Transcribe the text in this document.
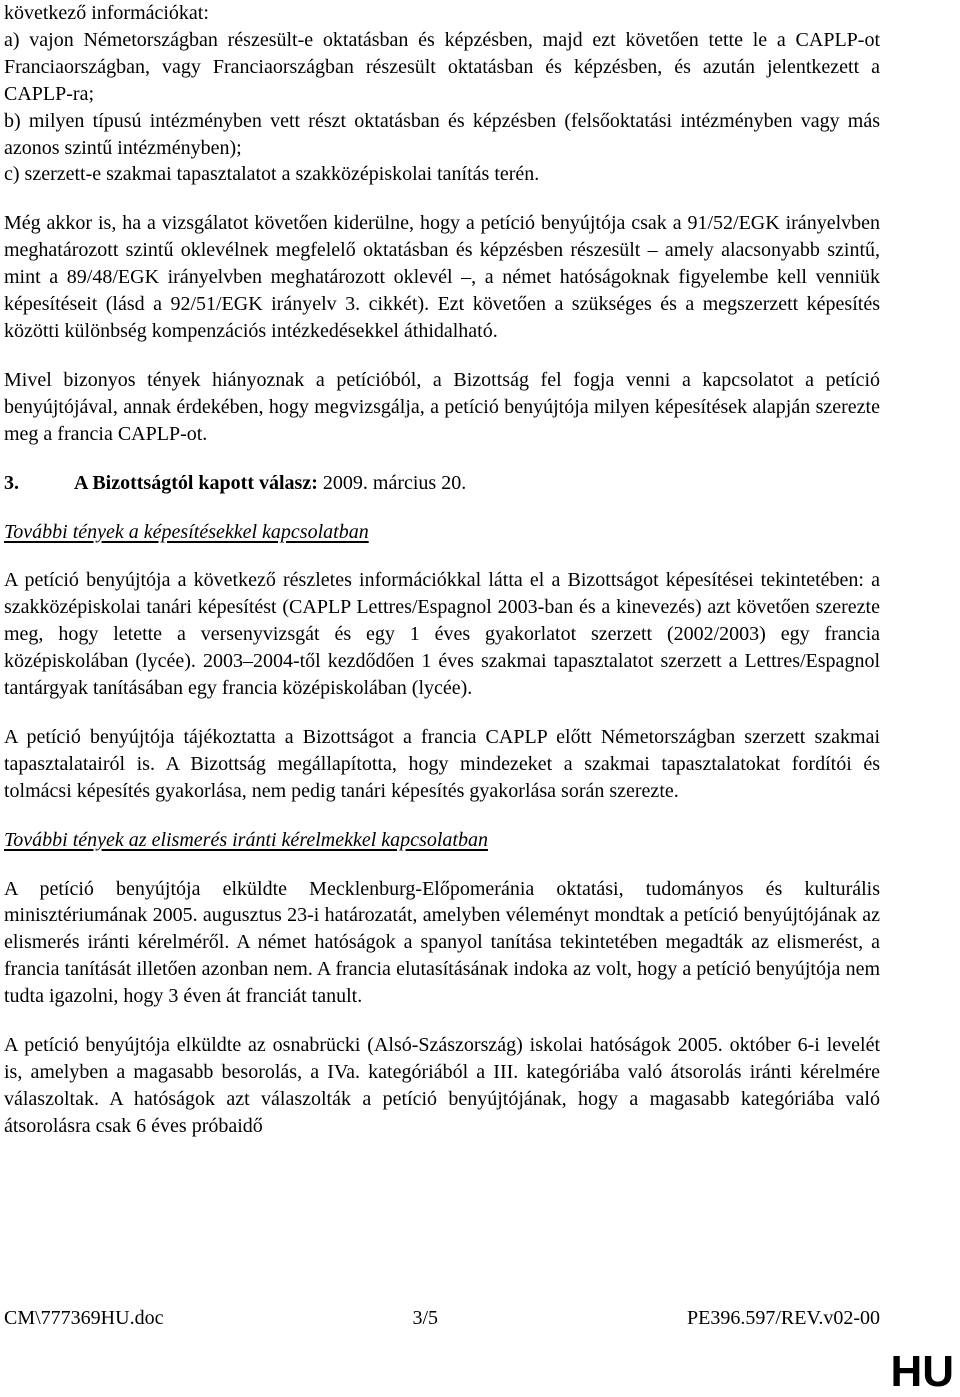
következő információkat:

a) vajon Németországban részesült-e oktatásban és képzésben, majd ezt követően tette le a CAPLP-ot Franciaországban, vagy Franciaországban részesült oktatásban és képzésben, és azután jelentkezett a CAPLP-ra;

b) milyen típusú intézményben vett részt oktatásban és képzésben (felsőoktatási intézményben vagy más azonos szintű intézményben);

c) szerzett-e szakmai tapasztalatot a szakközépiskolai tanítás terén.

Még akkor is, ha a vizsgálatot követően kiderülne, hogy a petíció benyújtója csak a 91/52/EGK irányelvben meghatározott szintű oklevélnek megfelelő oktatásban és képzésben részesült – amely alacsonyabb szintű, mint a 89/48/EGK irányelvben meghatározott oklevél –, a német hatóságoknak figyelembe kell venniük képesítéseit (lásd a 92/51/EGK irányelv 3. cikkét). Ezt követően a szükséges és a megszerzett képesítés közötti különbség kompenzációs intézkedésekkel áthidalható.

Mivel bizonyos tények hiányoznak a petícióból, a Bizottság fel fogja venni a kapcsolatot a petíció benyújtójával, annak érdekében, hogy megvizsgálja, a petíció benyújtója milyen képesítések alapján szerezte meg a francia CAPLP-ot.

3.	A Bizottságtól kapott válasz: 2009. március 20.

További tények a képesítésekkel kapcsolatban

A petíció benyújtója a következő részletes információkkal látta el a Bizottságot képesítései tekintetében: a szakközépiskolai tanári képesítést (CAPLP Lettres/Espagnol 2003-ban és a kinevezés) azt követően szerezte meg, hogy letette a versenyvizsgát és egy 1 éves gyakorlatot szerzett (2002/2003) egy francia középiskolában (lycée). 2003–2004-től kezdődően 1 éves szakmai tapasztalatot szerzett a Lettres/Espagnol tantárgyak tanításában egy francia középiskolában (lycée).

A petíció benyújtója tájékoztatta a Bizottságot a francia CAPLP előtt Németországban szerzett szakmai tapasztalatairól is. A Bizottság megállapította, hogy mindezeket a szakmai tapasztalatokat fordítói és tolmácsi képesítés gyakorlása, nem pedig tanári képesítés gyakorlása során szerezte.

További tények az elismerés iránti kérelmekkel kapcsolatban

A petíció benyújtója elküldte Mecklenburg-Előpomeránia oktatási, tudományos és kulturális minisztériumának 2005. augusztus 23-i határozatát, amelyben véleményt mondtak a petíció benyújtójának az elismerés iránti kérelméről. A német hatóságok a spanyol tanítása tekintetében megadták az elismerést, a francia tanítását illetően azonban nem. A francia elutasításának indoka az volt, hogy a petíció benyújtója nem tudta igazolni, hogy 3 éven át franciát tanult.

A petíció benyújtója elküldte az osnabrücki (Alsó-Szászország) iskolai hatóságok 2005. október 6-i levelét is, amelyben a magasabb besorolás, a IVa. kategóriából a III. kategóriába való átsorolás iránti kérelmére válaszoltak. A hatóságok azt válaszolták a petíció benyújtójának, hogy a magasabb kategóriába való átsorolásra csak 6 éves próbaidő

CM\777369HU.doc	3/5	PE396.597/REV.v02-00
HU
